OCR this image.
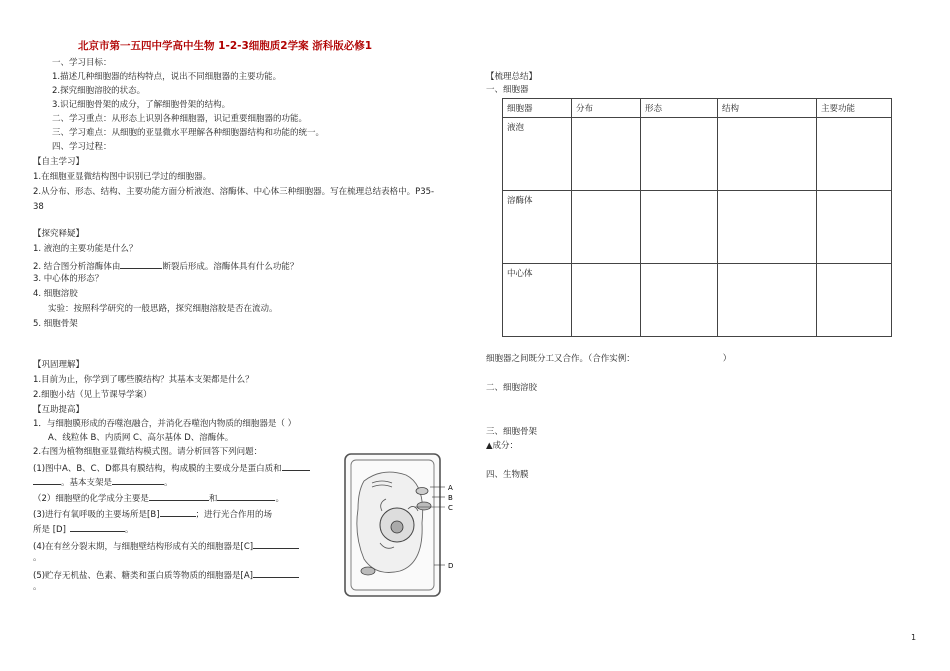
北京市第一五四中学高中生物 1-2-3细胞质2学案 浙科版必修1
一、学习目标：
1.描述几种细胞器的结构特点，说出不同细胞器的主要功能。
2.探究细胞溶胶的状态。
3.识记细胞骨架的成分，了解细胞骨架的结构。
二、学习重点：从形态上识别各种细胞器，识记重要细胞器的功能。
三、学习难点：从细胞的亚显微水平理解各种细胞器结构和功能的统一。
四、学习过程：
【自主学习】
1.在细胞亚显微结构图中识别已学过的细胞器。
2.从分布、形态、结构、主要功能方面分析液泡、溶酶体、中心体三种细胞器。写在梳理总结表格中。P35-
38
【探究释疑】
1. 液泡的主要功能是什么？
2. 结合图分析溶酶体由	断裂后形成。溶酶体具有什么功能？
3. 中心体的形态？
4. 细胞溶胶
实验：按照科学研究的一般思路，探究细胞溶胶是否在流动。
5. 细胞骨架
【巩固理解】
1.目前为止，你学到了哪些膜结构？其基本支架都是什么？
2.细胞小结（见上节课导学案）
【互助提高】
1．与细胞膜形成的吞噬泡融合，并消化吞噬泡内物质的细胞器是（ ）
A、线粒体 B、内质网 C、高尔基体 D、溶酶体。
2.右图为植物细胞亚显微结构模式图。请分析回答下列问题：
(1)图中A、B、C、D都具有膜结构，构成膜的主要成分是蛋白质和
。基本支架是	。
（2）细胞壁的化学成分主要是	和	。
(3)进行有氧呼吸的主要场所是[B]	；进行光合作用的场
所是 [D]	。
(4)在有丝分裂末期，与细胞壁结构形成有关的细胞器是[C]
。
(5)贮存无机盐、色素、糖类和蛋白质等物质的细胞器是[A]
。
A
B
C
D
【梳理总结】
一、细胞器
细胞器	分布	形态	结构	主要功能
液泡				
溶酶体				
中心体				
细胞器之间既分工又合作。（合作实例：	）
二、细胞溶胶
三、细胞骨架
▲成分：
四、生物膜
1
